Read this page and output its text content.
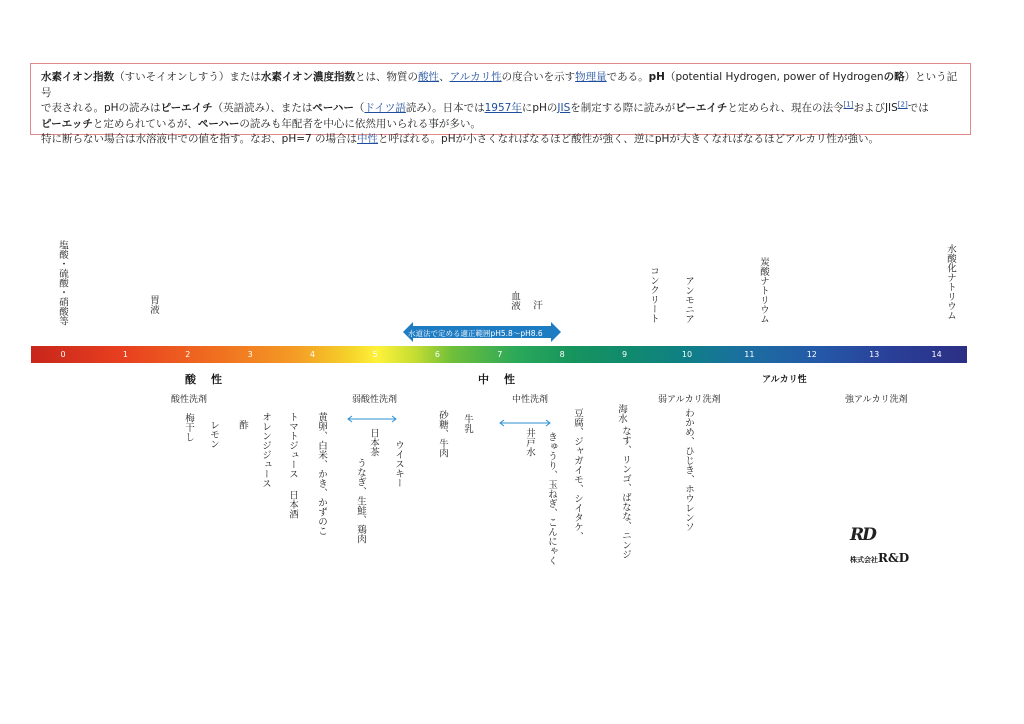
水素イオン指数（すいそイオンしすう）または水素イオン濃度指数とは、物質の酸性、アルカリ性の度合いを示す物理量である。pH（potential Hydrogen, power of Hydrogenの略）という記号

で表される。pHの読みはピーエイチ（英語読み）、またはペーハー（ドイツ語読み）。日本では1957年にpHのJISを制定する際に読みがピーエイチと定められ、現在の法令[1]およびJIS[2]では

ピーエッチと定められているが、ペーハーの読みも年配者を中心に依然用いられる事が多い。

特に断らない場合は水溶液中での値を指す。なお、pH=7 の場合は中性と呼ばれる。pHが小さくなればなるほど酸性が強く、逆にpHが大きくなればなるほどアルカリ性が強い。

塩酸・硫酸・硝酸等	胃液	血液 汗	コンクリート	アンモニア	炭酸ナトリウム	水酸化ナトリウム
水道法で定める適正範囲pH5.8〜pH8.6
0	1	2	3	4	5	6	7	8	9	10	11	12	13	14
酸　性	中　性	アルカリ性
酸性洗剤	弱酸性洗剤	中性洗剤	弱アルカリ洗剤	強アルカリ洗剤
梅干し レモン 酢 オレンジジュース トマトジュース
日本酒 黄卵、白米、かき、かずのこ	うなぎ、生鮭、鶏肉
日本茶 ウイスキー
砂糖、牛肉 牛乳
井戸水 きゅうり、玉ねぎ、こんにゃく 豆腐、ジャガイモ、シイタケ、	海水
なす、リンゴ、ばなな、ニンジ	わかめ、ひじき、ホウレンソ
RD
株式会社R&D
